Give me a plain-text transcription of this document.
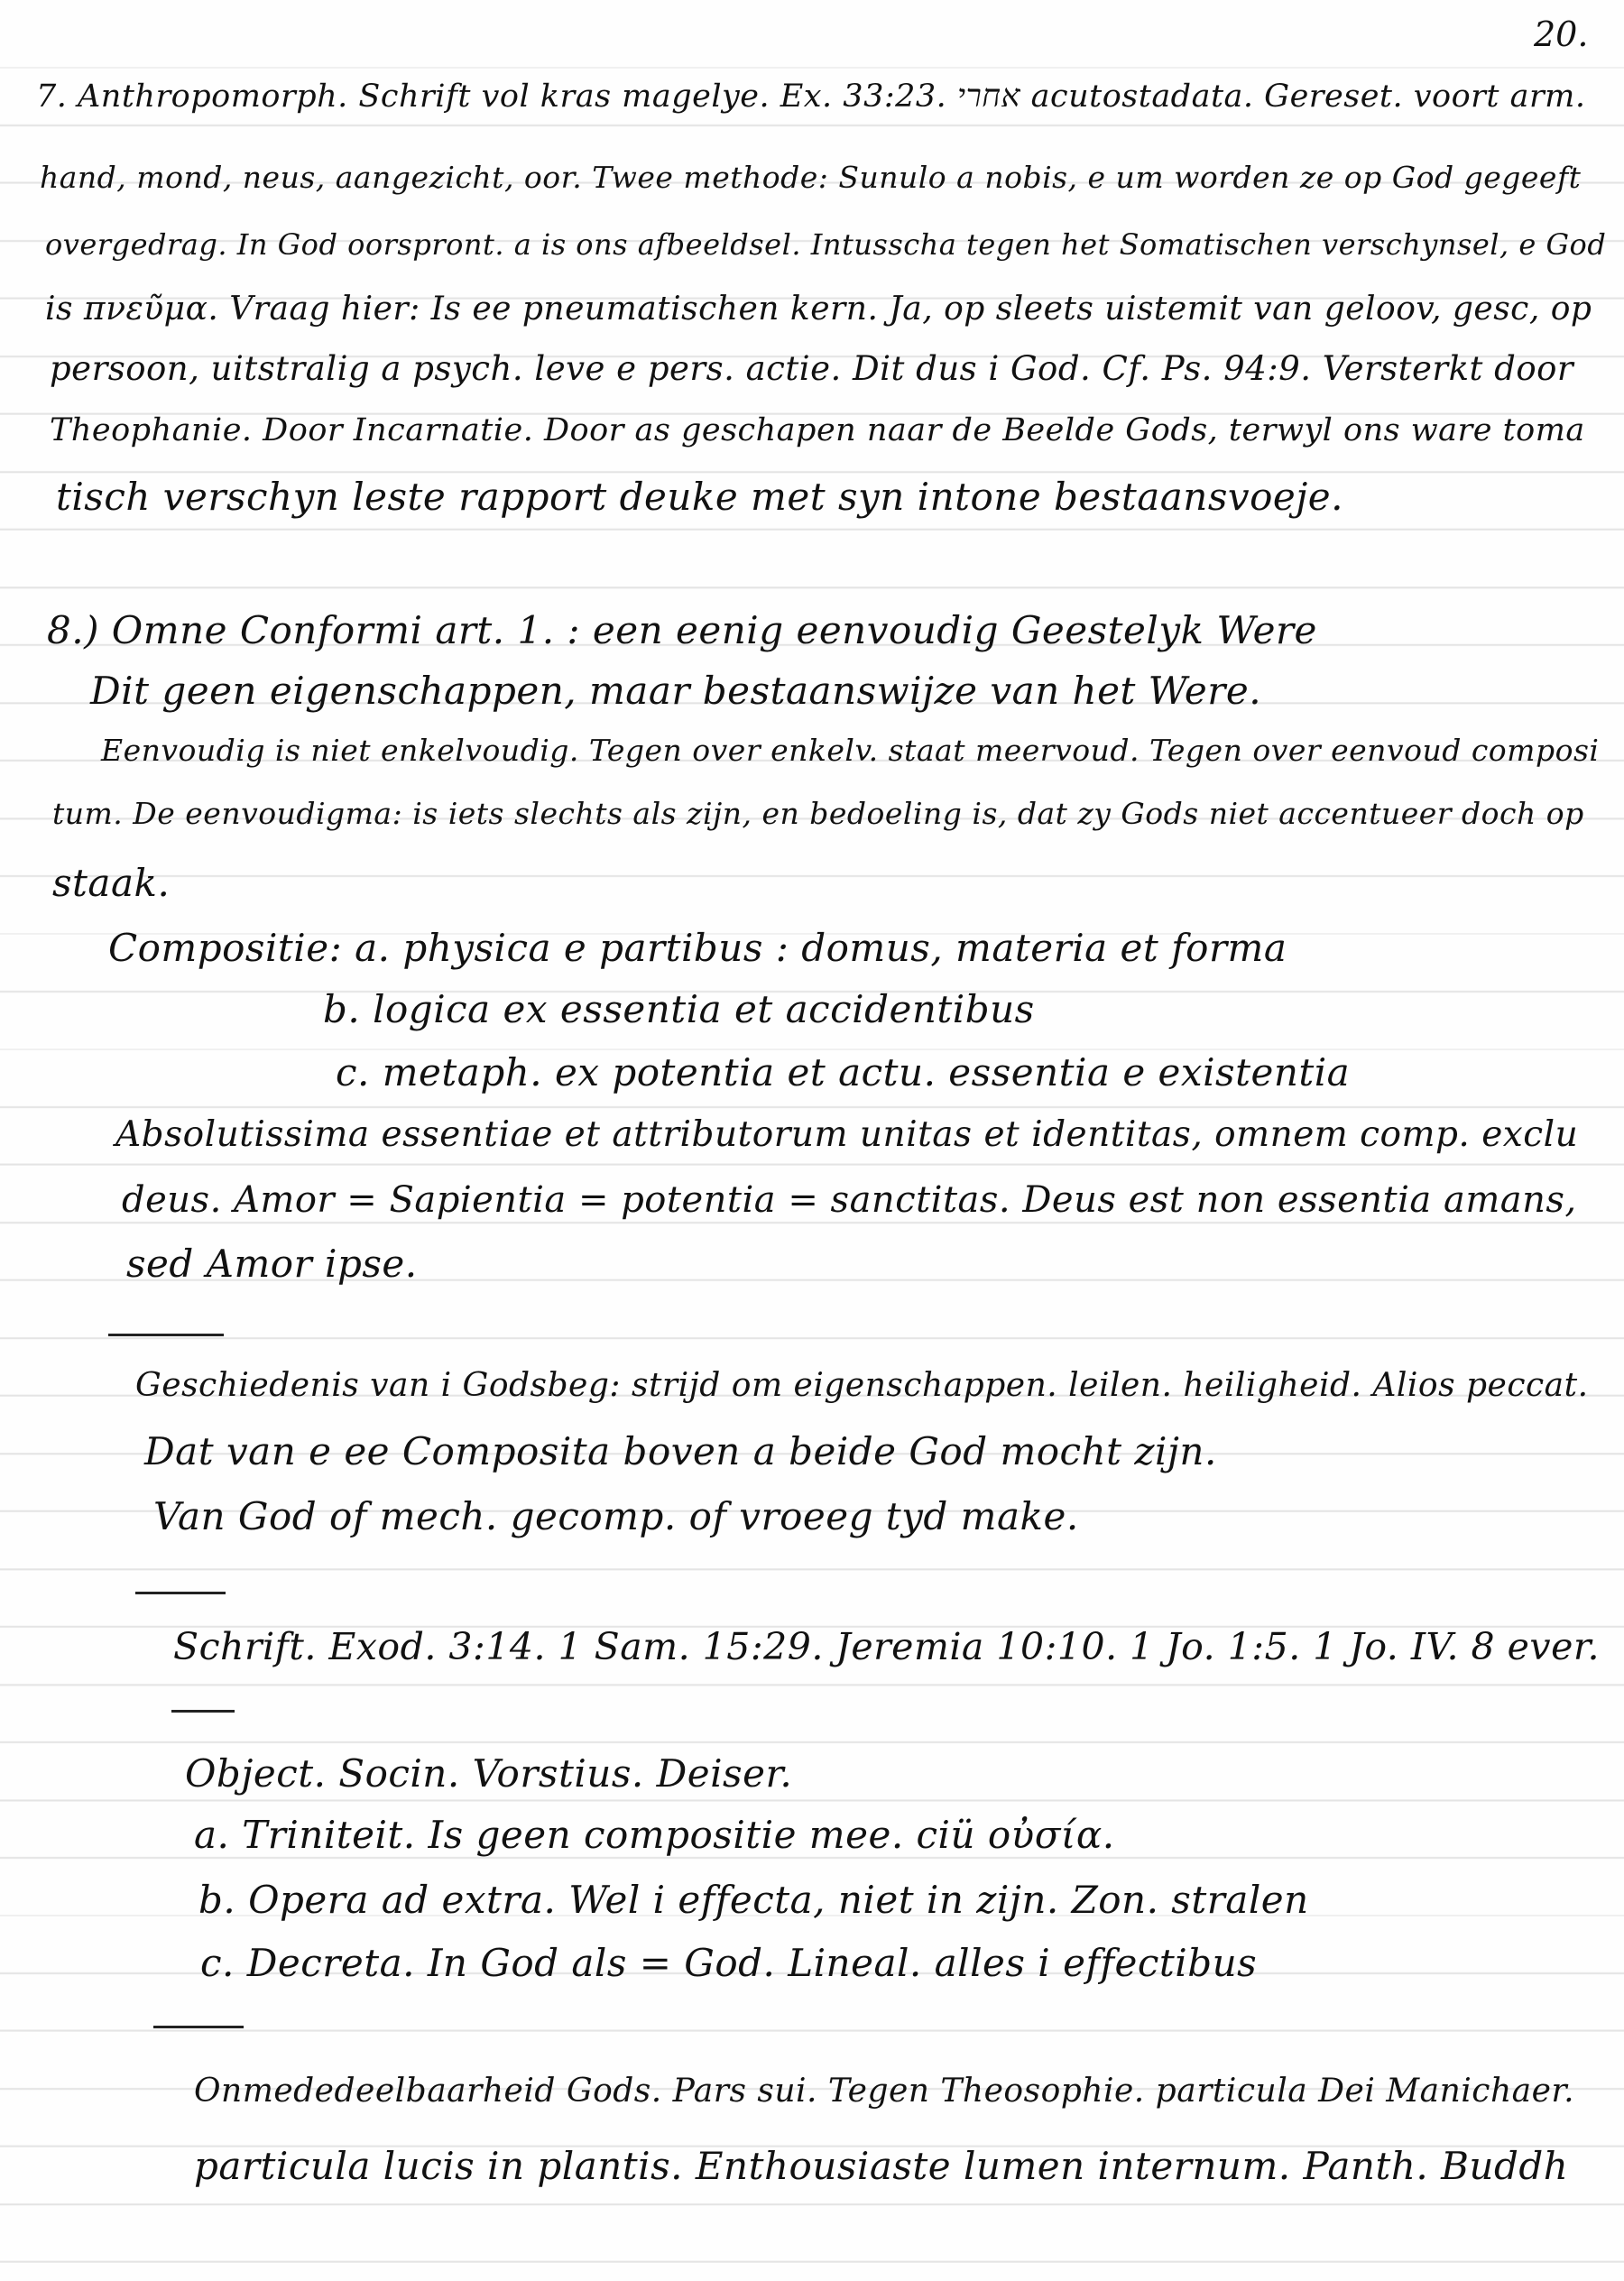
20.
7. Anthropomorph. Schrift vol kras magelye. Ex. 33:23. אחרי acutostadata. Gereset. voort arm.
hand, mond, neus, aangezicht, oor. Twee methode: Sunulo a nobis, e um worden ze op God gegeeft
overgedrag. In God oorspront. a is ons afbeeldsel. Intusscha tegen het Somatischen verschynsel, e God
is πνεῦμα. Vraag hier: Is ee pneumatischen kern. Ja, op sleets uistemit van geloov, gesc, op
persoon, uitstralig a psych. leve e pers. actie. Dit dus i God. Cf. Ps. 94:9. Versterkt door
Theophanie. Door Incarnatie. Door as geschapen naar de Beelde Gods, terwyl ons ware toma
tisch verschyn leste rapport deuke met syn intone bestaansvoeje.
8.) Omne Conformi art. 1. : een eenig eenvoudig Geestelyk Were
Dit geen eigenschappen, maar bestaanswijze van het Were.
Eenvoudig is niet enkelvoudig. Tegen over enkelv. staat meervoud. Tegen over eenvoud composi
tum. De eenvoudigma: is iets slechts als zijn, en bedoeling is, dat zy Gods niet accentueer doch op
staak.
Compositie: a. physica e partibus : domus, materia et forma
b. logica ex essentia et accidentibus
c. metaph. ex potentia et actu. essentia e existentia
Absolutissima essentiae et attributorum unitas et identitas, omnem comp. exclu
deus. Amor = Sapientia = potentia = sanctitas. Deus est non essentia amans,
sed Amor ipse.
Geschiedenis van i Godsbeg: strijd om eigenschappen. leilen. heiligheid. Alios peccat.
Dat van e ee Composita boven a beide God mocht zijn.
Van God of mech. gecomp. of vroeeg tyd make.
Schrift. Exod. 3:14. 1 Sam. 15:29. Jeremia 10:10. 1 Jo. 1:5. 1 Jo. IV. 8 ever.
Object. Socin. Vorstius. Deiser.
a. Triniteit. Is geen compositie mee. ciü οὐσία.
b. Opera ad extra. Wel i effecta, niet in zijn. Zon. stralen
c. Decreta. In God als = God. Lineal. alles i effectibus
Onmededeelbaarheid Gods. Pars sui. Tegen Theosophie. particula Dei Manichaer.
particula lucis in plantis. Enthousiaste lumen internum. Panth. Buddh
